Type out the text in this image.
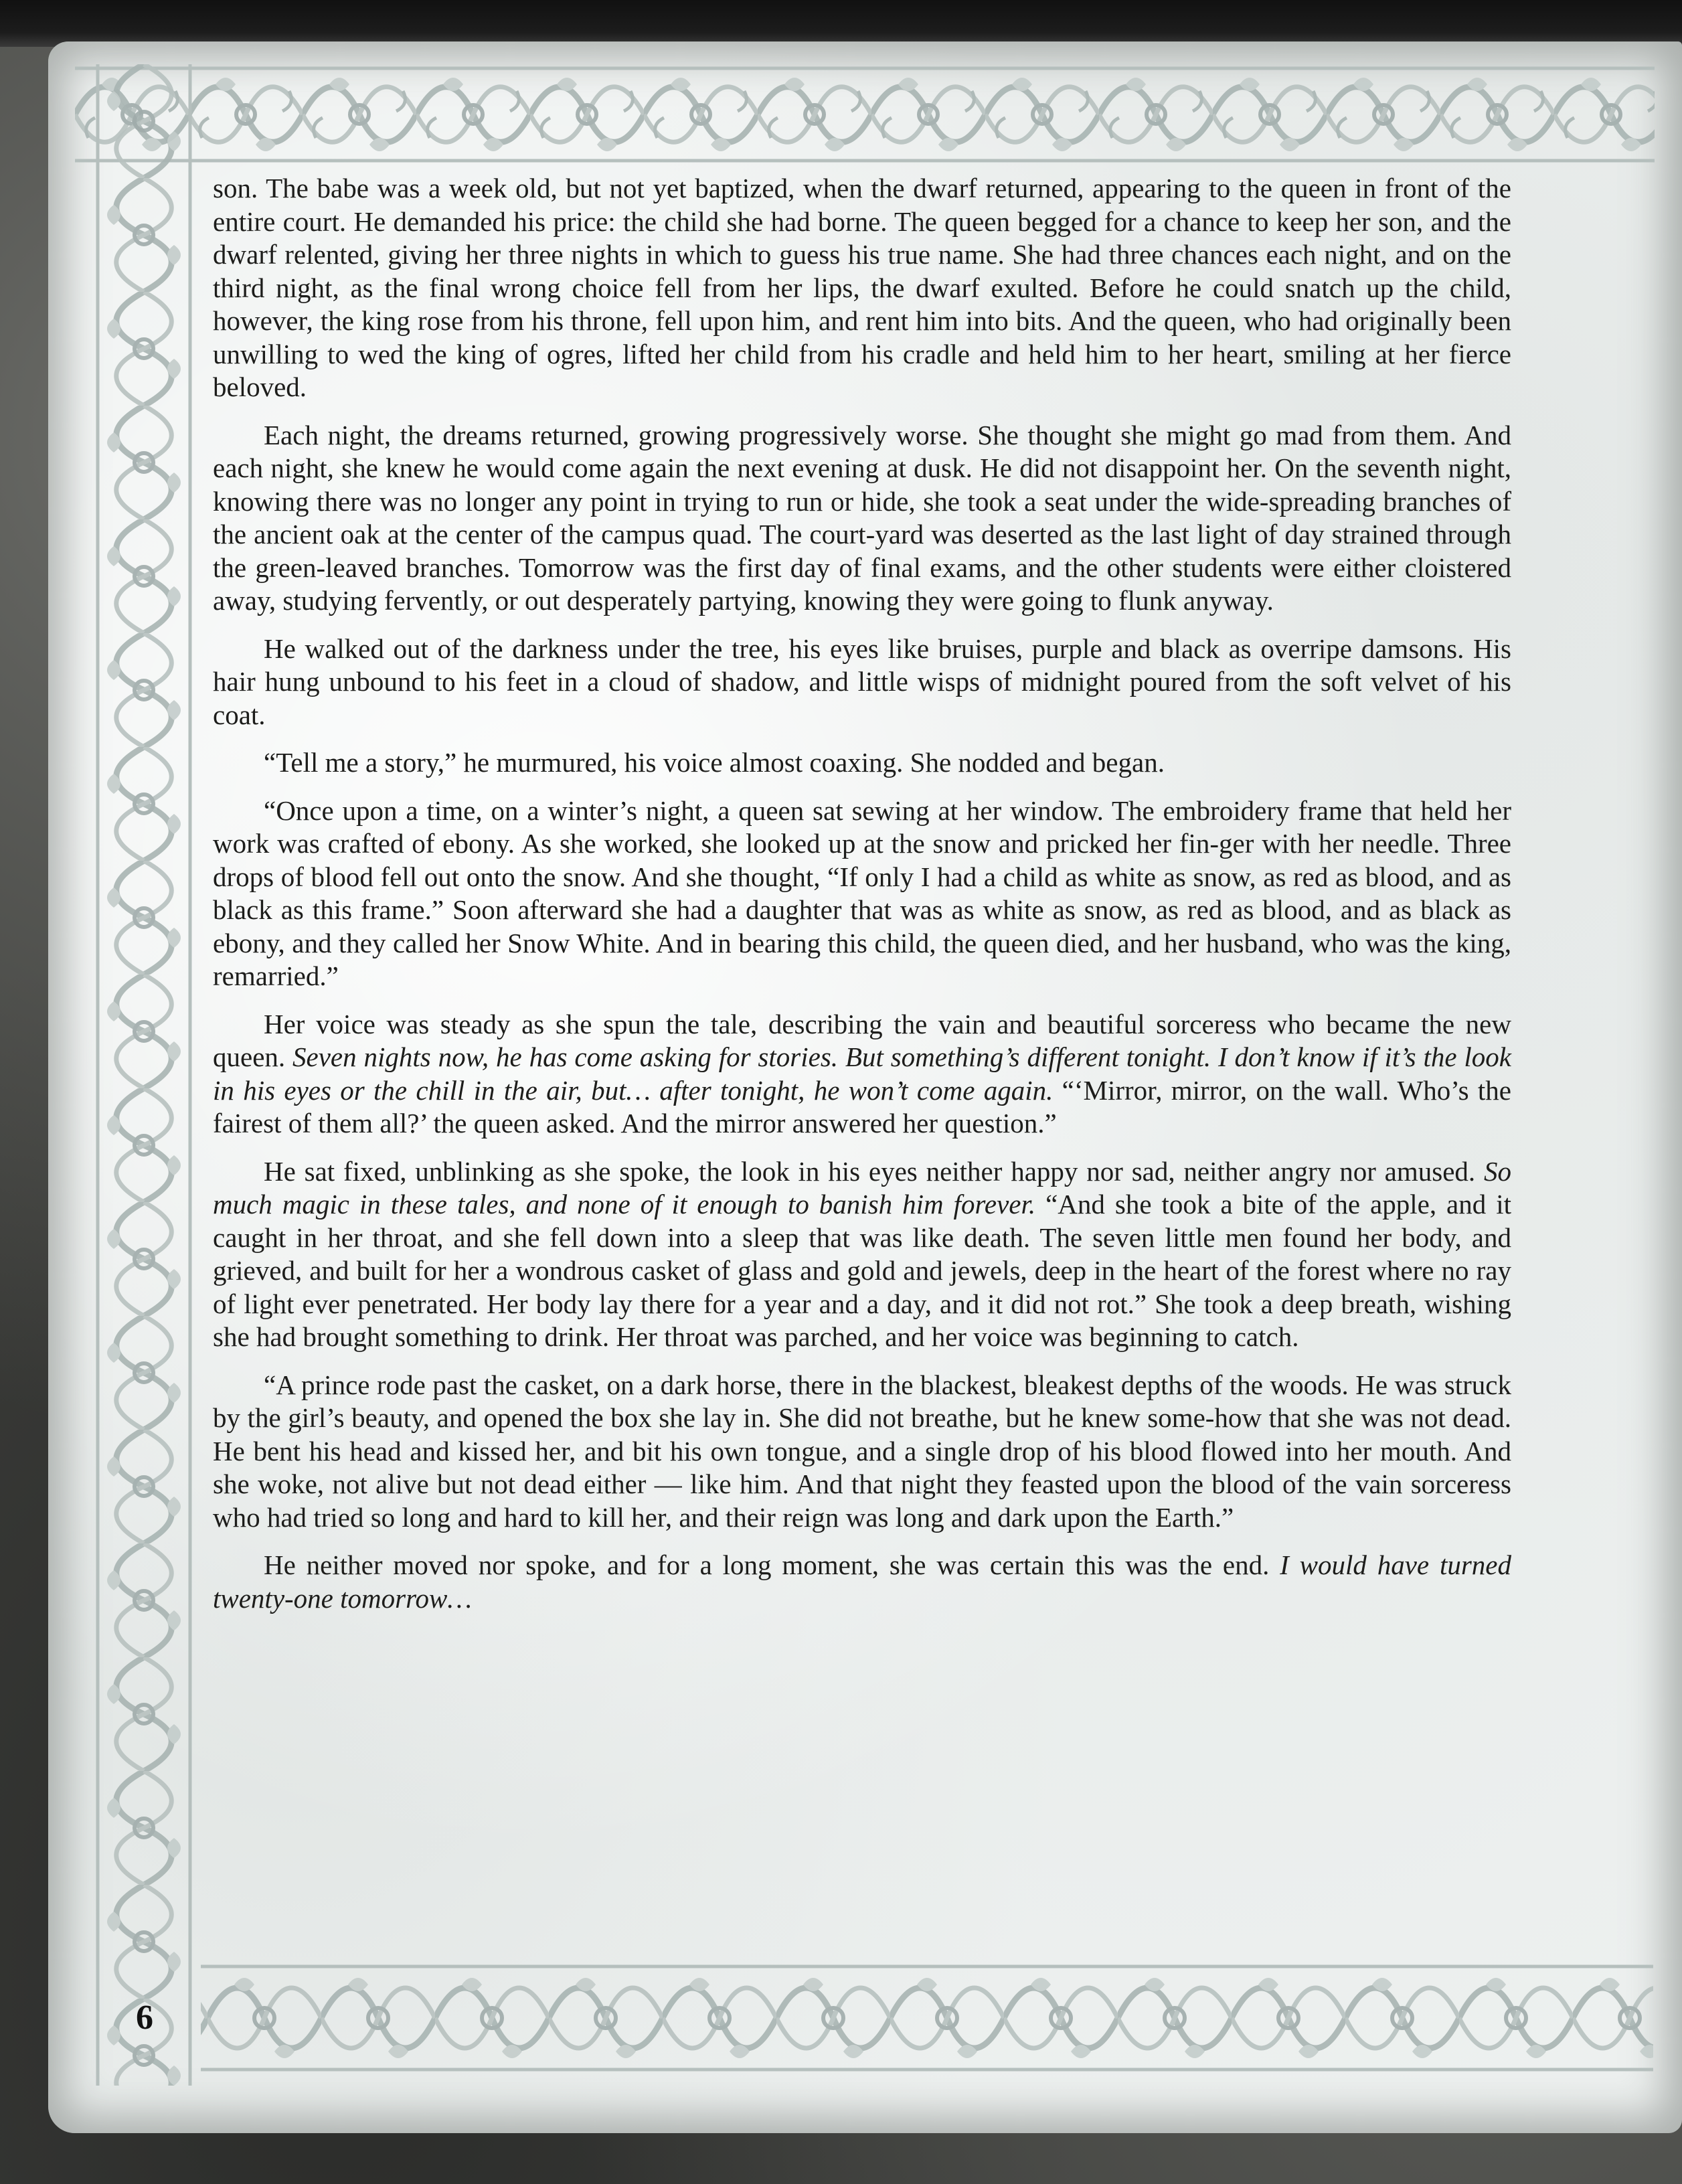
son. The babe was a week old, but not yet baptized, when the dwarf returned, appearing to the queen in front of the entire court. He demanded his price: the child she had borne. The queen begged for a chance to keep her son, and the dwarf relented, giving her three nights in which to guess his true name. She had three chances each night, and on the third night, as the final wrong choice fell from her lips, the dwarf exulted. Before he could snatch up the child, however, the king rose from his throne, fell upon him, and rent him into bits. And the queen, who had originally been unwilling to wed the king of ogres, lifted her child from his cradle and held him to her heart, smiling at her fierce beloved.

Each night, the dreams returned, growing progressively worse. She thought she might go mad from them. And each night, she knew he would come again the next evening at dusk. He did not disappoint her. On the seventh night, knowing there was no longer any point in trying to run or hide, she took a seat under the wide-spreading branches of the ancient oak at the center of the campus quad. The court-yard was deserted as the last light of day strained through the green-leaved branches. Tomorrow was the first day of final exams, and the other students were either cloistered away, studying fervently, or out desperately partying, knowing they were going to flunk anyway.

He walked out of the darkness under the tree, his eyes like bruises, purple and black as overripe damsons. His hair hung unbound to his feet in a cloud of shadow, and little wisps of midnight poured from the soft velvet of his coat.

“Tell me a story,” he murmured, his voice almost coaxing. She nodded and began.

“Once upon a time, on a winter’s night, a queen sat sewing at her window. The embroidery frame that held her work was crafted of ebony. As she worked, she looked up at the snow and pricked her fin-ger with her needle. Three drops of blood fell out onto the snow. And she thought, “If only I had a child as white as snow, as red as blood, and as black as this frame.” Soon afterward she had a daughter that was as white as snow, as red as blood, and as black as ebony, and they called her Snow White. And in bearing this child, the queen died, and her husband, who was the king, remarried.”

Her voice was steady as she spun the tale, describing the vain and beautiful sorceress who became the new queen. Seven nights now, he has come asking for stories. But something’s different tonight. I don’t know if it’s the look in his eyes or the chill in the air, but… after tonight, he won’t come again. “‘Mirror, mirror, on the wall. Who’s the fairest of them all?’ the queen asked. And the mirror answered her question.”

He sat fixed, unblinking as she spoke, the look in his eyes neither happy nor sad, neither angry nor amused. So much magic in these tales, and none of it enough to banish him forever. “And she took a bite of the apple, and it caught in her throat, and she fell down into a sleep that was like death. The seven little men found her body, and grieved, and built for her a wondrous casket of glass and gold and jewels, deep in the heart of the forest where no ray of light ever penetrated. Her body lay there for a year and a day, and it did not rot.” She took a deep breath, wishing she had brought something to drink. Her throat was parched, and her voice was beginning to catch.

“A prince rode past the casket, on a dark horse, there in the blackest, bleakest depths of the woods. He was struck by the girl’s beauty, and opened the box she lay in. She did not breathe, but he knew some-how that she was not dead. He bent his head and kissed her, and bit his own tongue, and a single drop of his blood flowed into her mouth. And she woke, not alive but not dead either — like him. And that night they feasted upon the blood of the vain sorceress who had tried so long and hard to kill her, and their reign was long and dark upon the Earth.”

He neither moved nor spoke, and for a long moment, she was certain this was the end. I would have turned twenty-one tomorrow…

6
